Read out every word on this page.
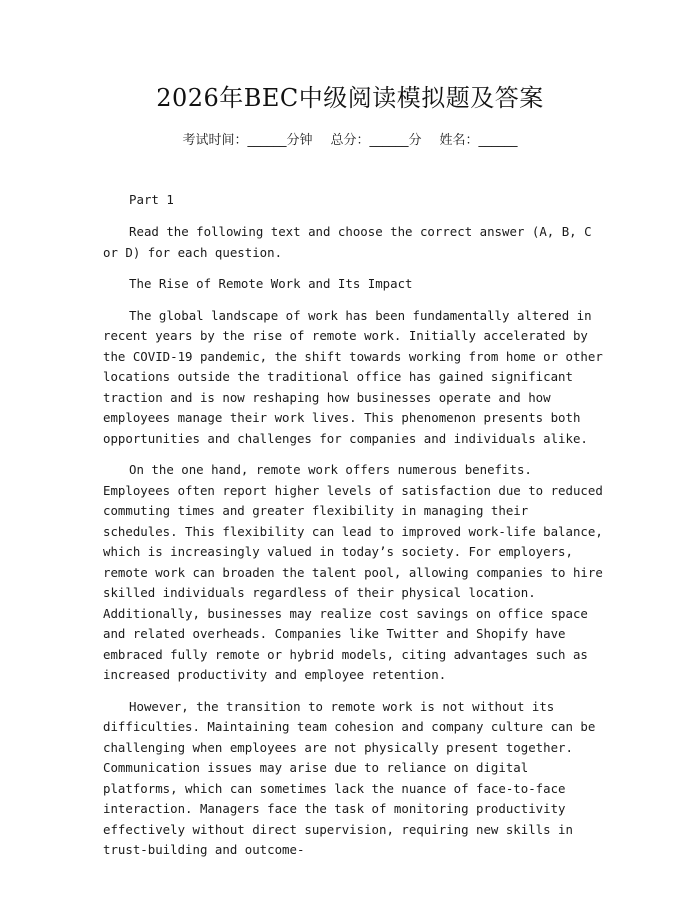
2026年BEC中级阅读模拟题及答案
考试时间：______分钟 总分：______分 姓名：______

Part 1

Read the following text and choose the correct answer (A, B, C or D) for each question.

The Rise of Remote Work and Its Impact

The global landscape of work has been fundamentally altered in recent years by the rise of remote work. Initially accelerated by the COVID-19 pandemic, the shift towards working from home or other locations outside the traditional office has gained significant traction and is now reshaping how businesses operate and how employees manage their work lives. This phenomenon presents both opportunities and challenges for companies and individuals alike.

On the one hand, remote work offers numerous benefits. Employees often report higher levels of satisfaction due to reduced commuting times and greater flexibility in managing their schedules. This flexibility can lead to improved work-life balance, which is increasingly valued in today’s society. For employers, remote work can broaden the talent pool, allowing companies to hire skilled individuals regardless of their physical location. Additionally, businesses may realize cost savings on office space and related overheads. Companies like Twitter and Shopify have embraced fully remote or hybrid models, citing advantages such as increased productivity and employee retention.

However, the transition to remote work is not without its difficulties. Maintaining team cohesion and company culture can be challenging when employees are not physically present together. Communication issues may arise due to reliance on digital platforms, which can sometimes lack the nuance of face-to-face interaction. Managers face the task of monitoring productivity effectively without direct supervision, requiring new skills in trust-building and outcome-
